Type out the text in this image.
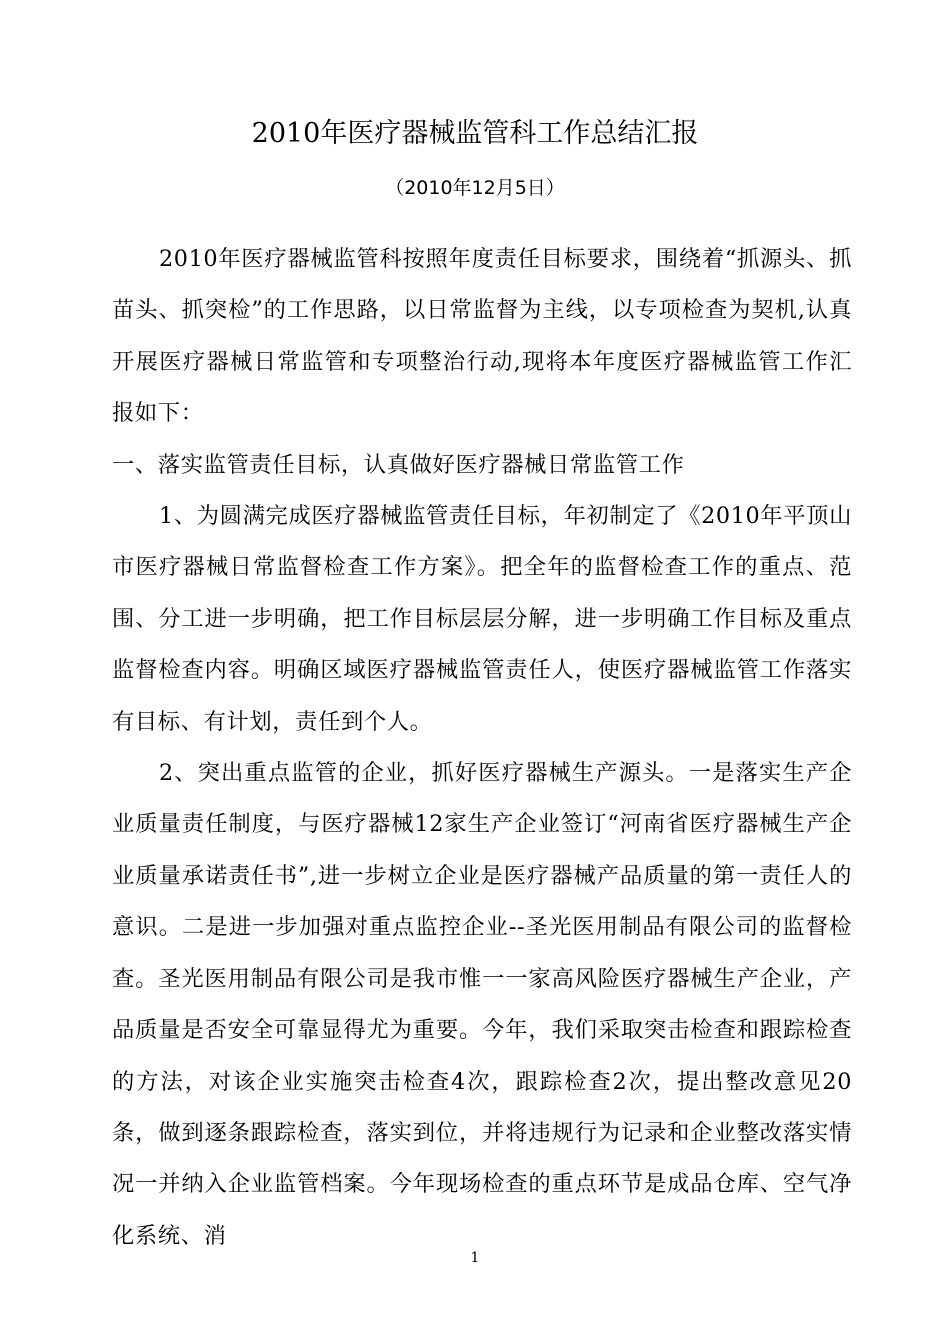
2010年医疗器械监管科工作总结汇报

（2010年12月5日）

2010年医疗器械监管科按照年度责任目标要求，围绕着“抓源头、抓苗头、抓突检”的工作思路，以日常监督为主线，以专项检查为契机,认真开展医疗器械日常监管和专项整治行动,现将本年度医疗器械监管工作汇报如下：

一、落实监管责任目标，认真做好医疗器械日常监管工作

1、为圆满完成医疗器械监管责任目标，年初制定了《2010年平顶山市医疗器械日常监督检查工作方案》。把全年的监督检查工作的重点、范围、分工进一步明确，把工作目标层层分解，进一步明确工作目标及重点监督检查内容。明确区域医疗器械监管责任人，使医疗器械监管工作落实有目标、有计划，责任到个人。

2、突出重点监管的企业，抓好医疗器械生产源头。一是落实生产企业质量责任制度，与医疗器械12家生产企业签订“河南省医疗器械生产企业质量承诺责任书”,进一步树立企业是医疗器械产品质量的第一责任人的意识。二是进一步加强对重点监控企业--圣光医用制品有限公司的监督检查。圣光医用制品有限公司是我市惟一一家高风险医疗器械生产企业，产品质量是否安全可靠显得尤为重要。今年，我们采取突击检查和跟踪检查的方法，对该企业实施突击检查4次，跟踪检查2次，提出整改意见20条，做到逐条跟踪检查，落实到位，并将违规行为记录和企业整改落实情况一并纳入企业监管档案。今年现场检查的重点环节是成品仓库、空气净化系统、消

1
